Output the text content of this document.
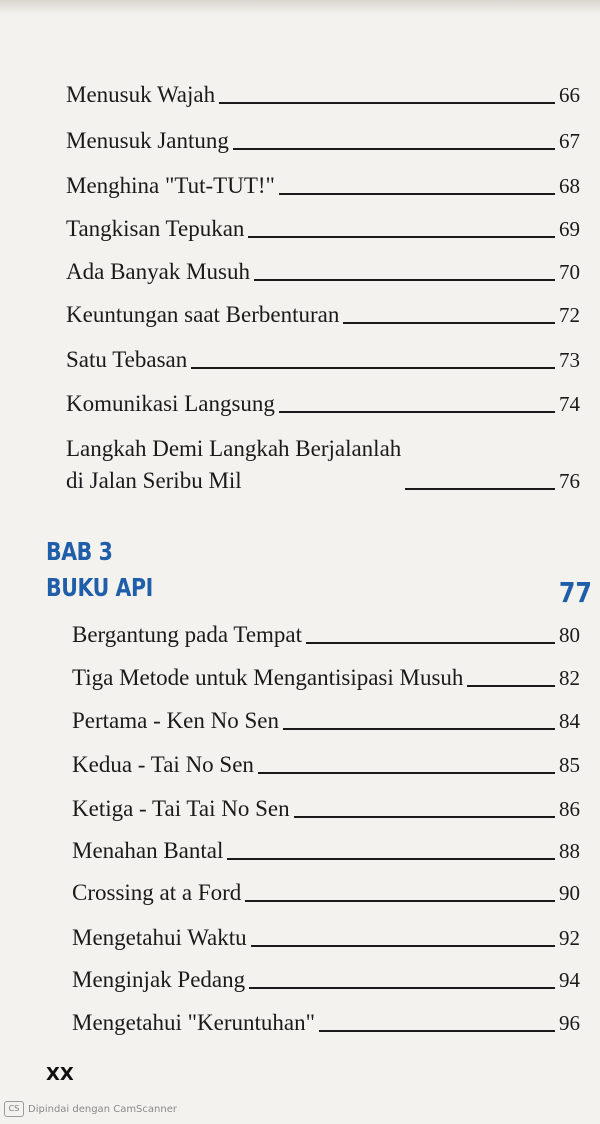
Menusuk Wajah	66
Menusuk Jantung	67
Menghina "Tut-TUT!"	68
Tangkisan Tepukan	69
Ada Banyak Musuh	70
Keuntungan saat Berbenturan	72
Satu Tebasan	73
Komunikasi Langsung	74
Langkah Demi Langkah Berjalanlah
di Jalan Seribu Mil	76
BAB 3
BUKU API	77
Bergantung pada Tempat	80
Tiga Metode untuk Mengantisipasi Musuh	82
Pertama - Ken No Sen	84
Kedua - Tai No Sen	85
Ketiga - Tai Tai No Sen	86
Menahan Bantal	88
Crossing at a Ford	90
Mengetahui Waktu	92
Menginjak Pedang	94
Mengetahui "Keruntuhan"	96
XX
CS Dipindai dengan CamScanner
